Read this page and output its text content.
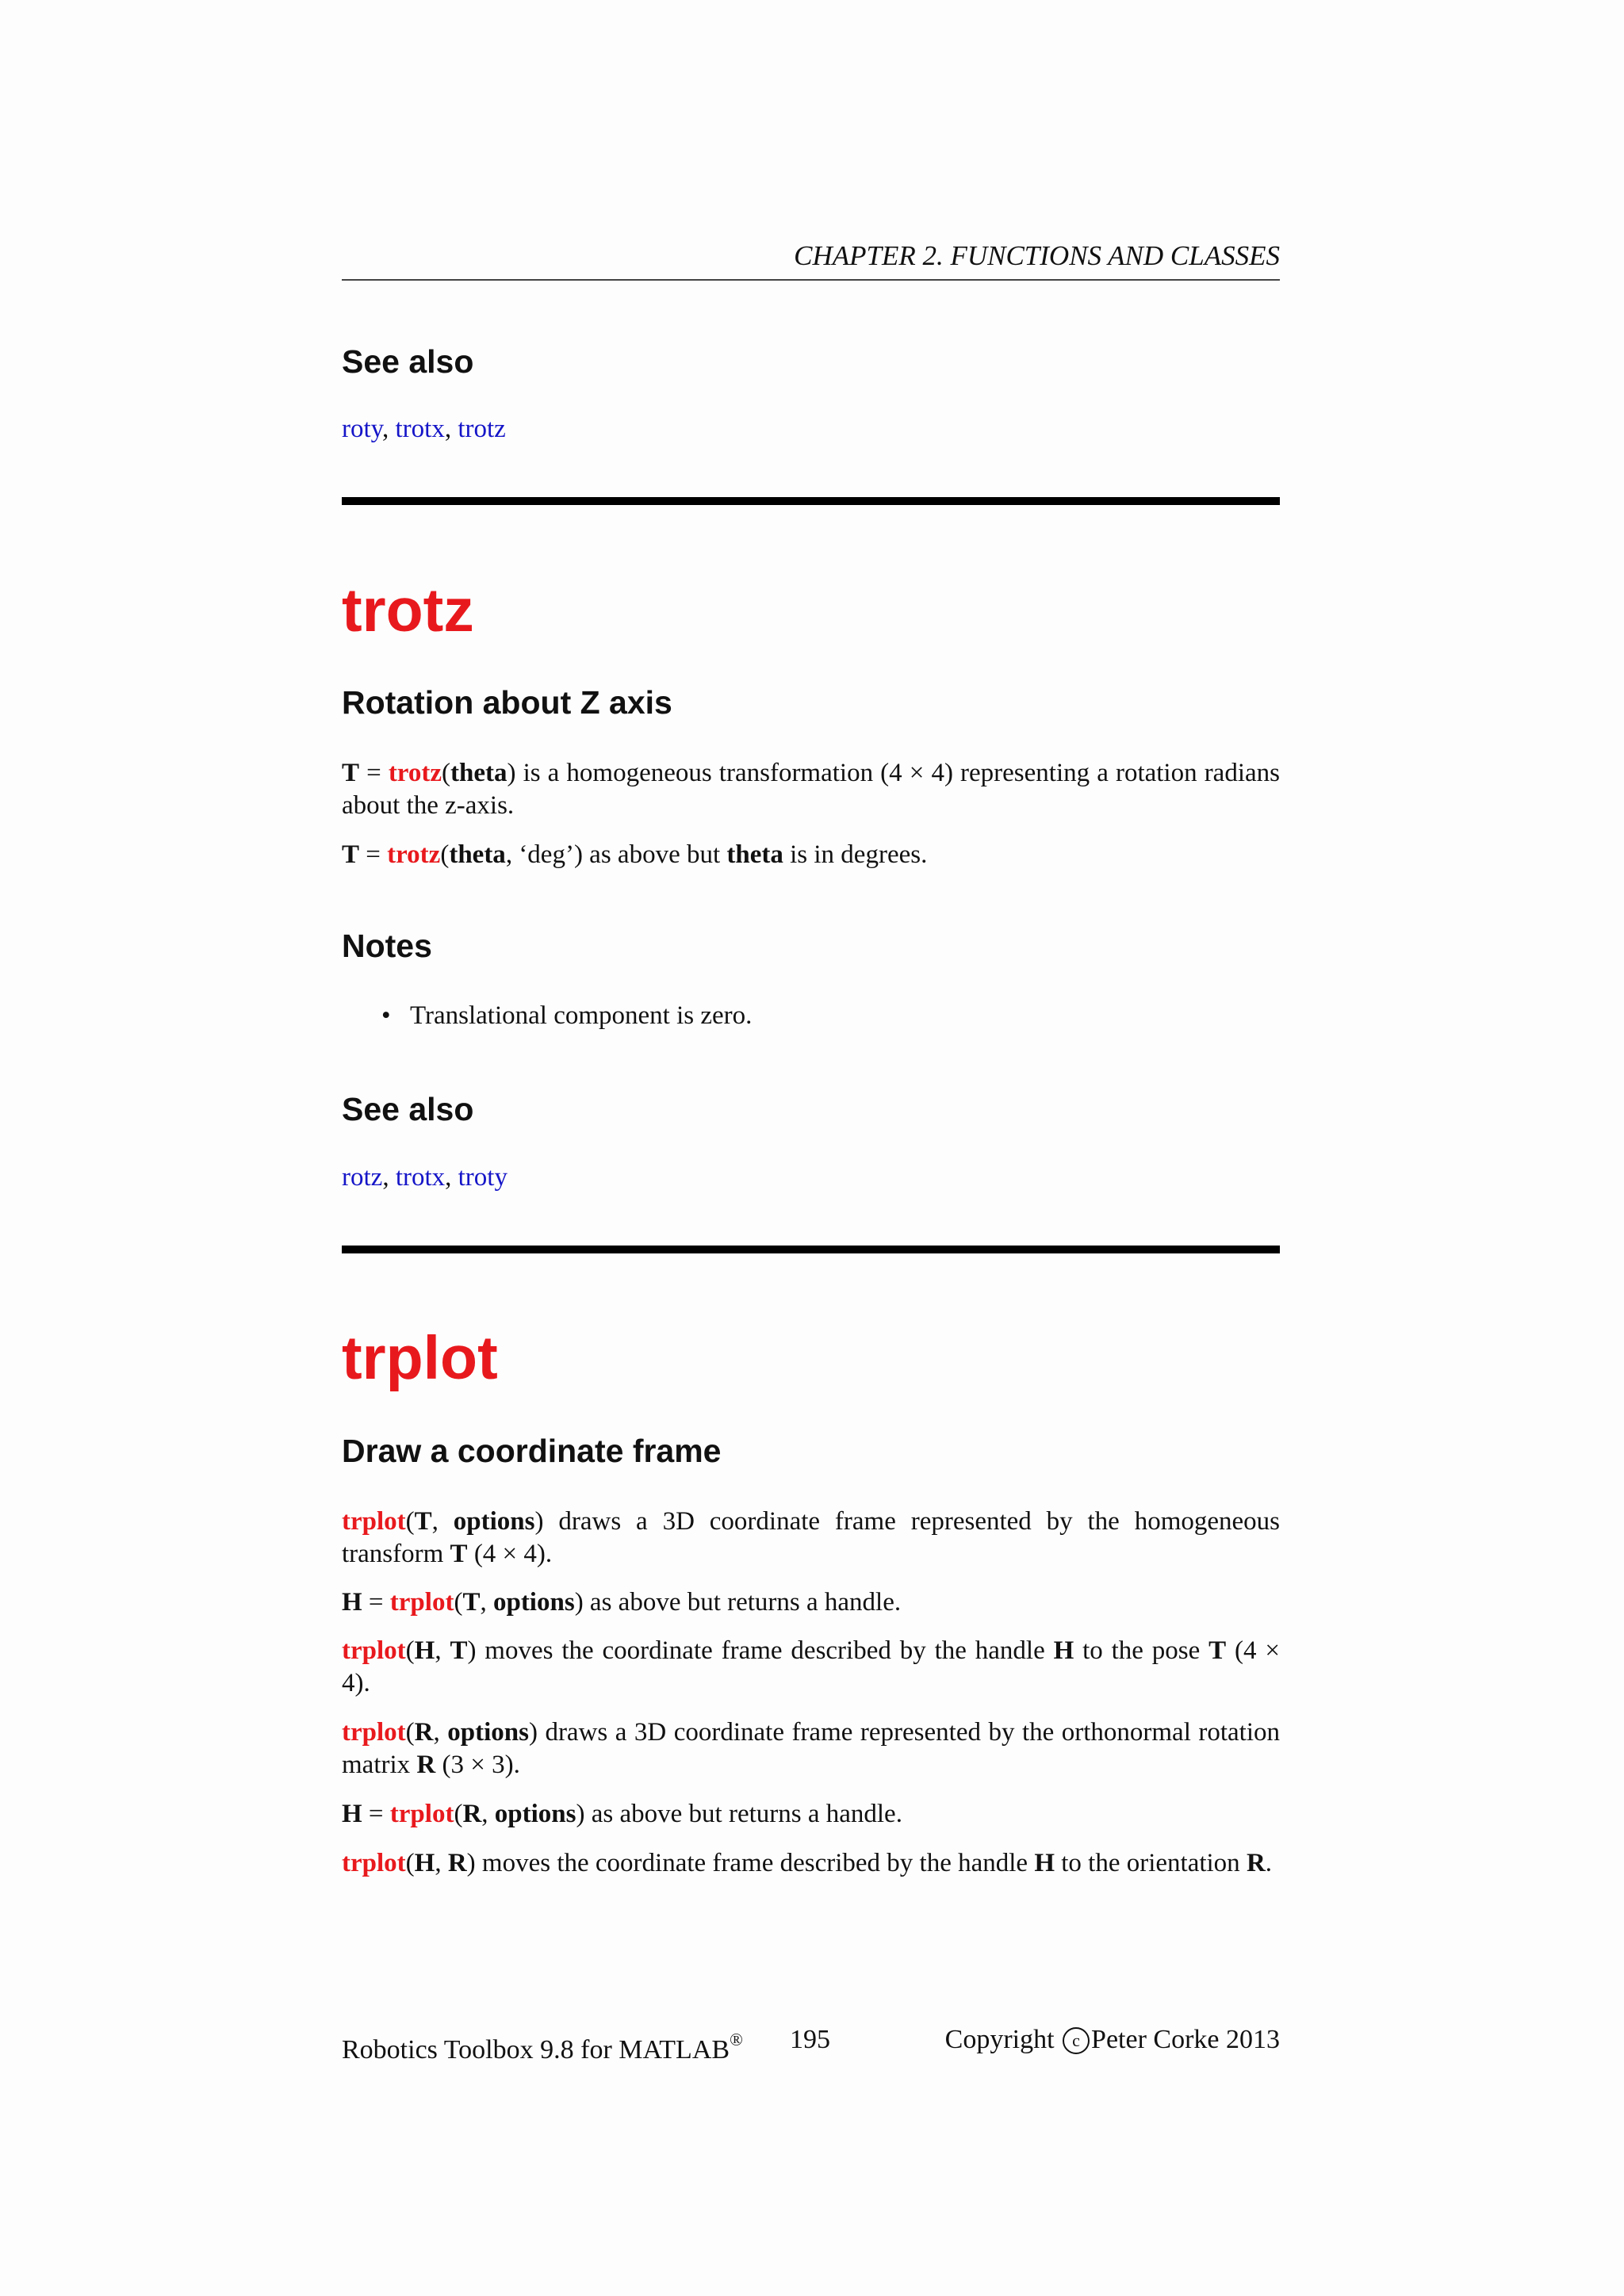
CHAPTER 2. FUNCTIONS AND CLASSES
See also
roty, trotx, trotz
trotz
Rotation about Z axis
T = trotz(theta) is a homogeneous transformation (4 × 4) representing a rotation radians about the z-axis.
T = trotz(theta, ‘deg’) as above but theta is in degrees.
Notes
• Translational component is zero.
See also
rotz, trotx, troty
trplot
Draw a coordinate frame
trplot(T, options) draws a 3D coordinate frame represented by the homogeneous transform T (4 × 4).
H = trplot(T, options) as above but returns a handle.
trplot(H, T) moves the coordinate frame described by the handle H to the pose T (4 × 4).
trplot(R, options) draws a 3D coordinate frame represented by the orthonormal rotation matrix R (3 × 3).
H = trplot(R, options) as above but returns a handle.
trplot(H, R) moves the coordinate frame described by the handle H to the orientation R.
Robotics Toolbox 9.8 for MATLAB® 195	Copyright c Peter Corke 2013
